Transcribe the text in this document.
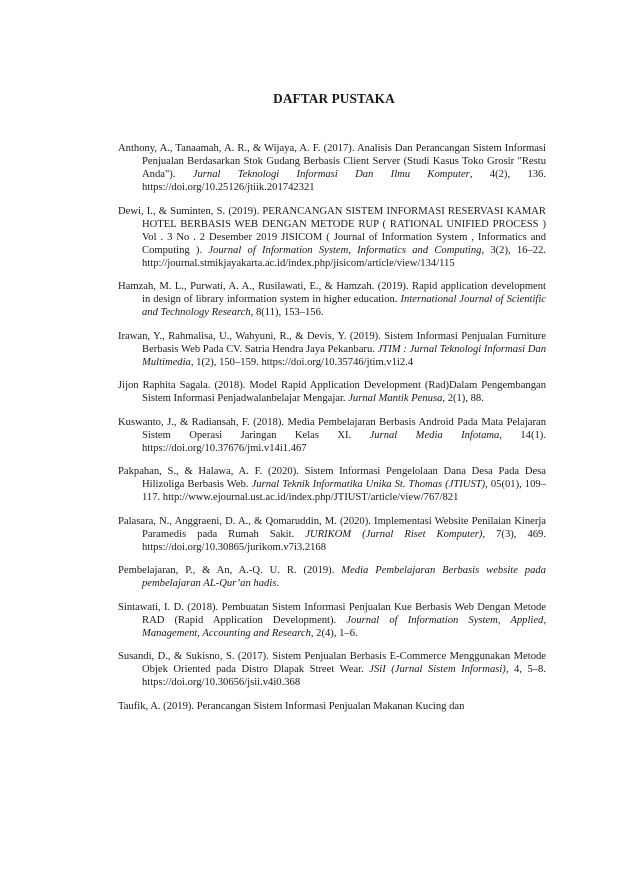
DAFTAR PUSTAKA
Anthony, A., Tanaamah, A. R., & Wijaya, A. F. (2017). Analisis Dan Perancangan Sistem Informasi Penjualan Berdasarkan Stok Gudang Berbasis Client Server (Studi Kasus Toko Grosir "Restu Anda"). Jurnal Teknologi Informasi Dan Ilmu Komputer, 4(2), 136. https://doi.org/10.25126/jtiik.201742321
Dewi, I., & Suminten, S. (2019). PERANCANGAN SISTEM INFORMASI RESERVASI KAMAR HOTEL BERBASIS WEB DENGAN METODE RUP ( RATIONAL UNIFIED PROCESS ) Vol . 3 No . 2 Desember 2019 JISICOM ( Journal of Information System , Informatics and Computing ). Journal of Information System, Informatics and Computing, 3(2), 16–22. http://journal.stmikjayakarta.ac.id/index.php/jisicom/article/view/134/115
Hamzah, M. L., Purwati, A. A., Rusilawati, E., & Hamzah. (2019). Rapid application development in design of library information system in higher education. International Journal of Scientific and Technology Research, 8(11), 153–156.
Irawan, Y., Rahmalisa, U., Wahyuni, R., & Devis, Y. (2019). Sistem Informasi Penjualan Furniture Berbasis Web Pada CV. Satria Hendra Jaya Pekanbaru. JTIM : Jurnal Teknologi Informasi Dan Multimedia, 1(2), 150–159. https://doi.org/10.35746/jtim.v1i2.4
Jijon Raphita Sagala. (2018). Model Rapid Application Development (Rad)Dalam Pengembangan Sistem Informasi Penjadwalanbelajar Mengajar. Jurnal Mantik Penusa, 2(1), 88.
Kuswanto, J., & Radiansah, F. (2018). Media Pembelajaran Berbasis Android Pada Mata Pelajaran Sistem Operasi Jaringan Kelas XI. Jurnal Media Infotama, 14(1). https://doi.org/10.37676/jmi.v14i1.467
Pakpahan, S., & Halawa, A. F. (2020). Sistem Informasi Pengelolaan Dana Desa Pada Desa Hilizoliga Berbasis Web. Jurnal Teknik Informatika Unika St. Thomas (JTIUST), 05(01), 109–117. http://www.ejournal.ust.ac.id/index.php/JTIUST/article/view/767/821
Palasara, N., Anggraeni, D. A., & Qomaruddin, M. (2020). Implementasi Website Penilaian Kinerja Paramedis pada Rumah Sakit. JURIKOM (Jurnal Riset Komputer), 7(3), 469. https://doi.org/10.30865/jurikom.v7i3.2168
Pembelajaran, P., & An, A.-Q. U. R. (2019). Media Pembelajaran Berbasis website pada pembelajaran AL-Qur’an hadis.
Sintawati, I. D. (2018). Pembuatan Sistem Informasi Penjualan Kue Berbasis Web Dengan Metode RAD (Rapid Application Development). Journal of Information System, Applied, Management, Accounting and Research, 2(4), 1–6.
Susandi, D., & Sukisno, S. (2017). Sistem Penjualan Berbasis E-Commerce Menggunakan Metode Objek Oriented pada Distro Dlapak Street Wear. JSiI (Jurnal Sistem Informasi), 4, 5–8. https://doi.org/10.30656/jsii.v4i0.368
Taufik, A. (2019). Perancangan Sistem Informasi Penjualan Makanan Kucing dan
